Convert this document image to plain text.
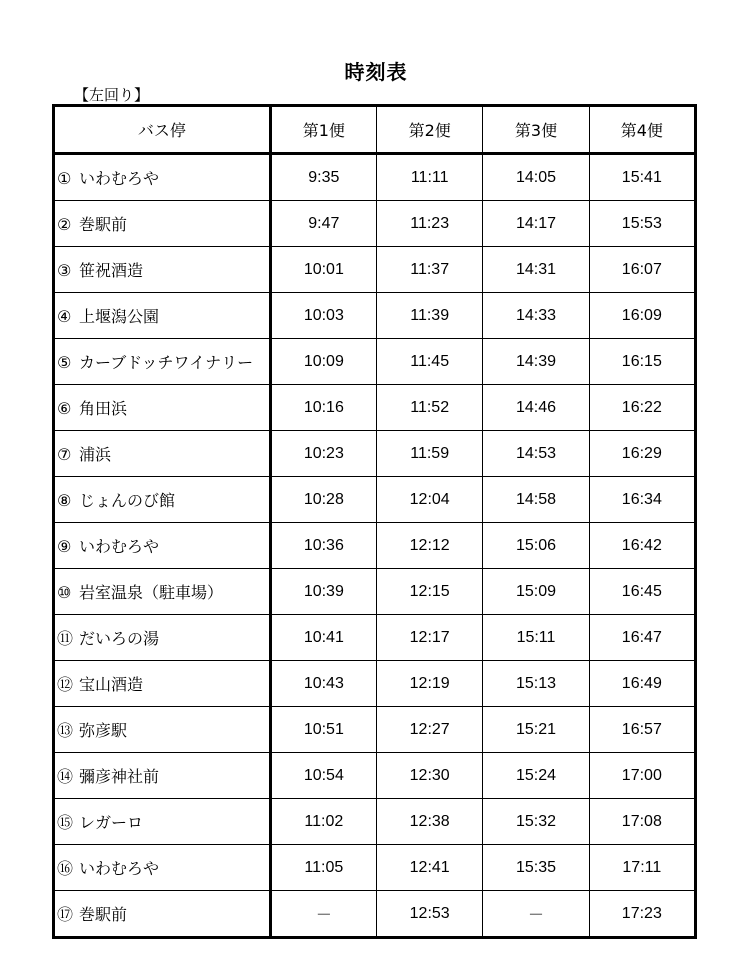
時刻表
【左回り】
バス停	第1便	第2便	第3便	第4便
① いわむろや	9:35	11:11	14:05	15:41
② 巻駅前	9:47	11:23	14:17	15:53
③ 笹祝酒造	10:01	11:37	14:31	16:07
④ 上堰潟公園	10:03	11:39	14:33	16:09
⑤ カーブドッチワイナリー	10:09	11:45	14:39	16:15
⑥ 角田浜	10:16	11:52	14:46	16:22
⑦ 浦浜	10:23	11:59	14:53	16:29
⑧ じょんのび館	10:28	12:04	14:58	16:34
⑨ いわむろや	10:36	12:12	15:06	16:42
⑩ 岩室温泉（駐車場）	10:39	12:15	15:09	16:45
⑪ だいろの湯	10:41	12:17	15:11	16:47
⑫ 宝山酒造	10:43	12:19	15:13	16:49
⑬ 弥彦駅	10:51	12:27	15:21	16:57
⑭ 彌彦神社前	10:54	12:30	15:24	17:00
⑮ レガーロ	11:02	12:38	15:32	17:08
⑯ いわむろや	11:05	12:41	15:35	17:11
⑰ 巻駅前	－	12:53	－	17:23
